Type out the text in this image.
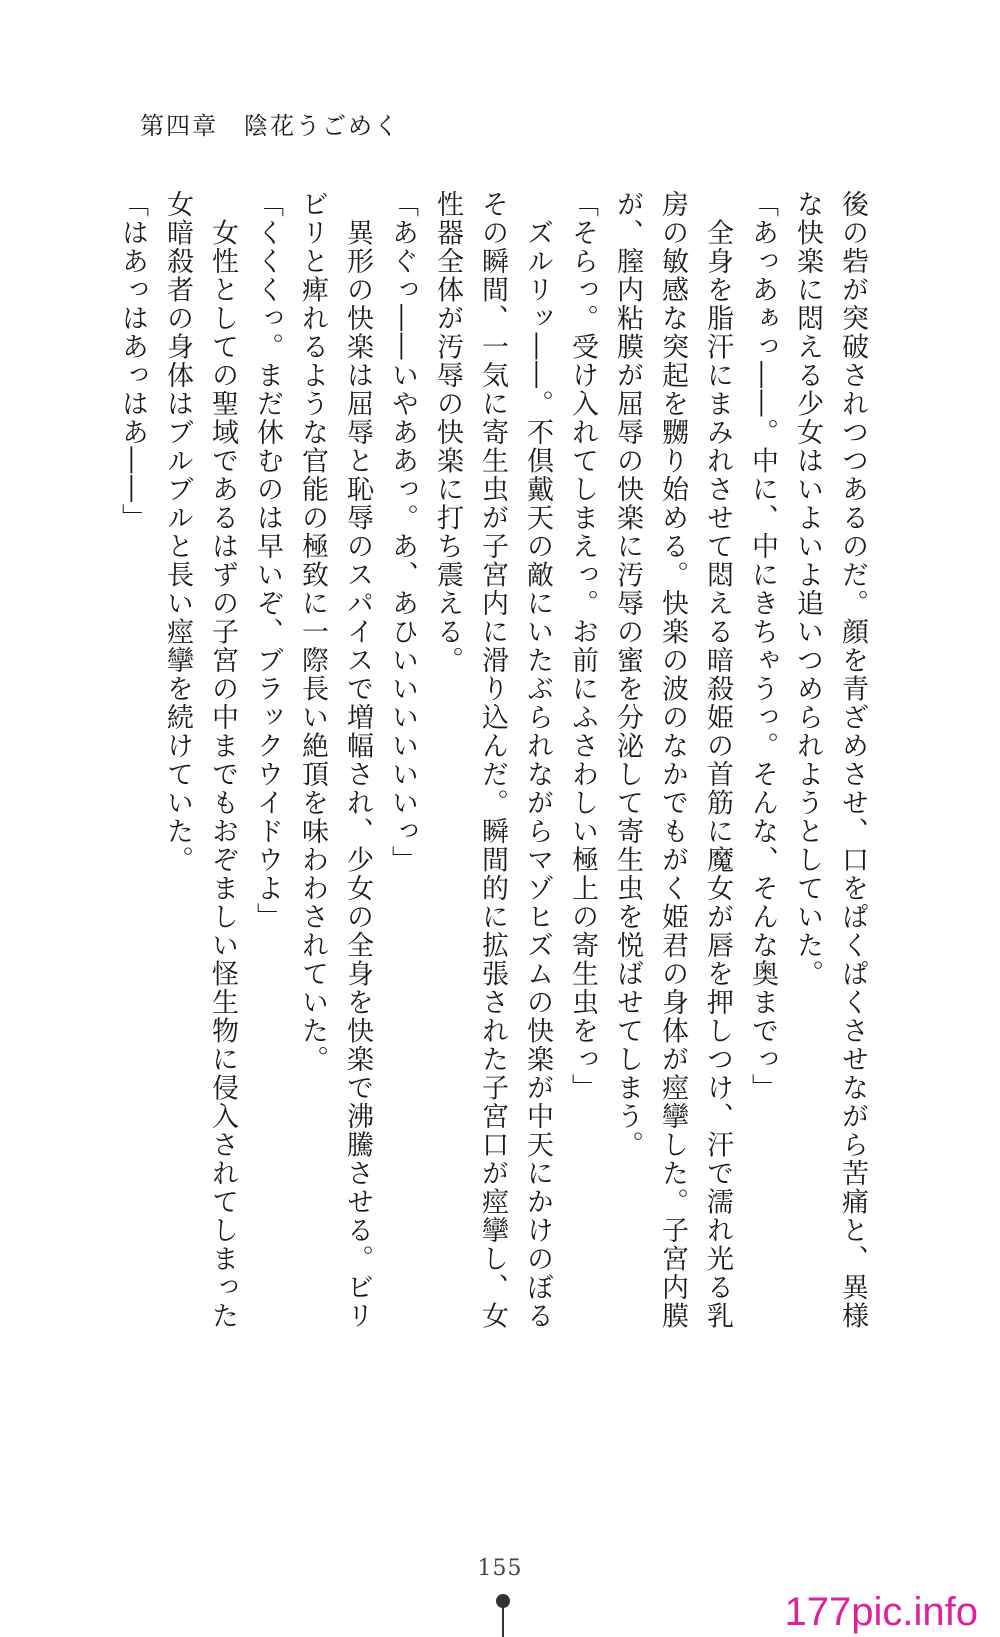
第四章　陰花うごめく
後の砦が突破されつつあるのだ。顔を青ざめさせ、口をぱくぱくさせながら苦痛と、異様
な快楽に悶える少女はいよいよ追いつめられようとしていた。
「あっあぁっ――。中に、中にきちゃうっ。そんな、そんな奥までっ」
　全身を脂汗にまみれさせて悶える暗殺姫の首筋に魔女が唇を押しつけ、汗で濡れ光る乳
房の敏感な突起を嬲り始める。快楽の波のなかでもがく姫君の身体が痙攣した。子宮内膜
が、膣内粘膜が屈辱の快楽に汚辱の蜜を分泌して寄生虫を悦ばせてしまう。
「そらっ。受け入れてしまえっ。お前にふさわしい極上の寄生虫をっ」
　ズルリッ――。不倶戴天の敵にいたぶられながらマゾヒズムの快楽が中天にかけのぼる
その瞬間、一気に寄生虫が子宮内に滑り込んだ。瞬間的に拡張された子宮口が痙攣し、女
性器全体が汚辱の快楽に打ち震える。
「あぐっ――いやああっ。あ、あひいいいいいいっ」
　異形の快楽は屈辱と恥辱のスパイスで増幅され、少女の全身を快楽で沸騰させる。ビリ
ビリと痺れるような官能の極致に一際長い絶頂を味わわされていた。
「くくくっ。まだ休むのは早いぞ、ブラックウイドウよ」
　女性としての聖域であるはずの子宮の中までもおぞましい怪生物に侵入されてしまった
女暗殺者の身体はブルブルと長い痙攣を続けていた。
「はあっはあっはあ――」
155
177pic.info
